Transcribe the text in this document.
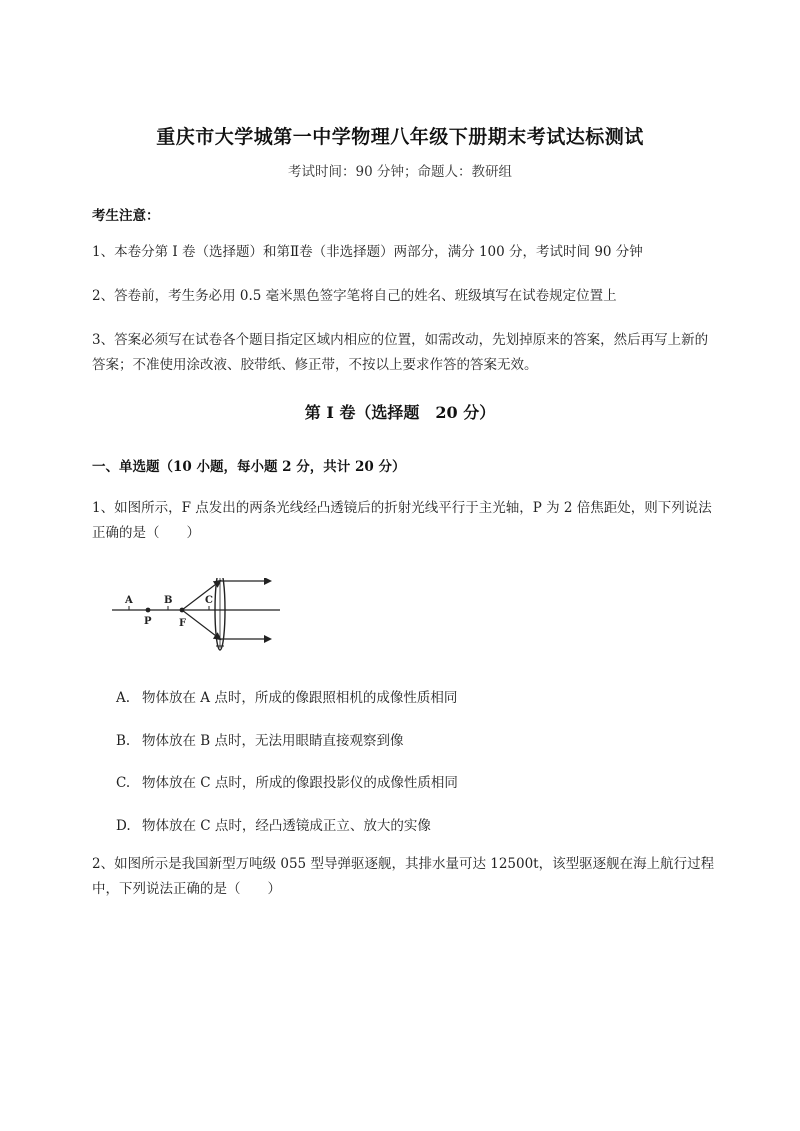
重庆市大学城第一中学物理八年级下册期末考试达标测试
考试时间：90 分钟；命题人：教研组
考生注意：
1、本卷分第 I 卷（选择题）和第Ⅱ卷（非选择题）两部分，满分 100 分，考试时间 90 分钟
2、答卷前，考生务必用 0.5 毫米黑色签字笔将自己的姓名、班级填写在试卷规定位置上
3、答案必须写在试卷各个题目指定区域内相应的位置，如需改动，先划掉原来的答案，然后再写上新的答案；不准使用涂改液、胶带纸、修正带，不按以上要求作答的答案无效。
第 I 卷（选择题 20 分）
一、单选题（10 小题，每小题 2 分，共计 20 分）
1、如图所示，F 点发出的两条光线经凸透镜后的折射光线平行于主光轴，P 为 2 倍焦距处，则下列说法正确的是（　　）
A	B	C
P	F
A. 物体放在 A 点时，所成的像跟照相机的成像性质相同
B. 物体放在 B 点时，无法用眼睛直接观察到像
C. 物体放在 C 点时，所成的像跟投影仪的成像性质相同
D. 物体放在 C 点时，经凸透镜成正立、放大的实像
2、如图所示是我国新型万吨级 055 型导弹驱逐舰，其排水量可达 12500t，该型驱逐舰在海上航行过程中，下列说法正确的是（　　）
